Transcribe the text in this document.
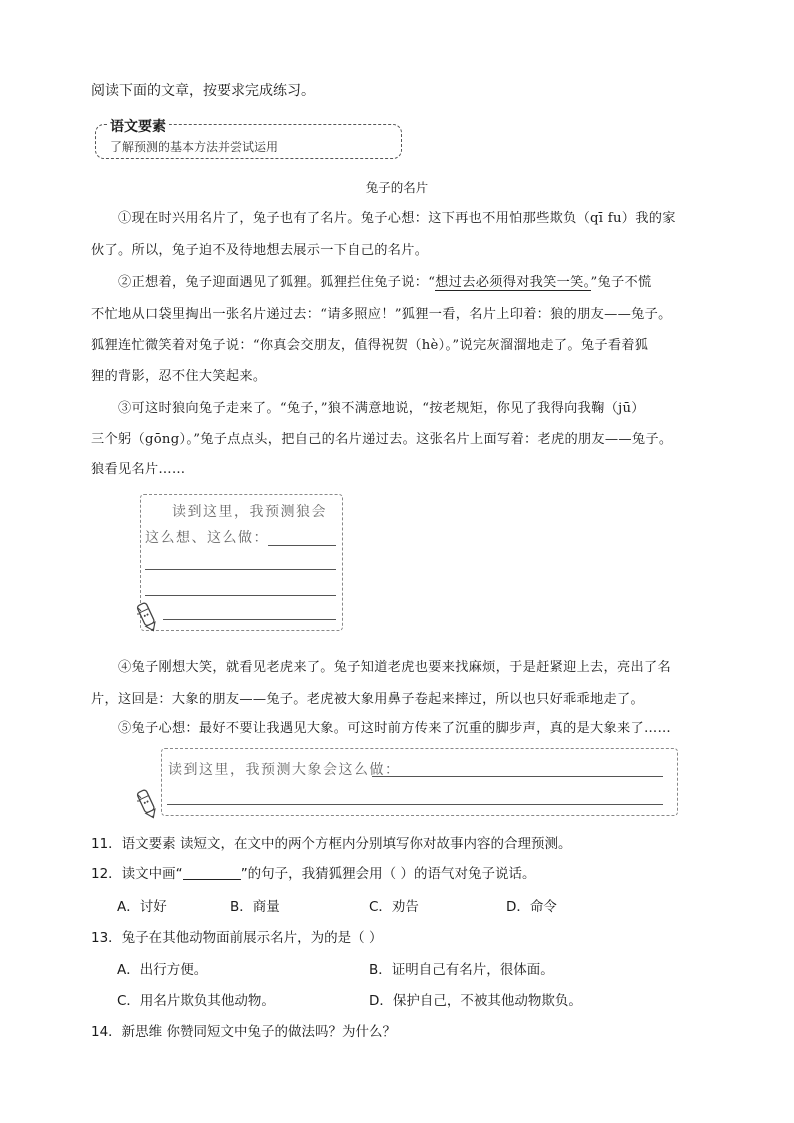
阅读下面的文章，按要求完成练习。
语文要素
了解预测的基本方法并尝试运用
兔子的名片
①现在时兴用名片了，兔子也有了名片。兔子心想：这下再也不用怕那些欺负（qī fu）我的家
伙了。所以，兔子迫不及待地想去展示一下自己的名片。
②正想着，兔子迎面遇见了狐狸。狐狸拦住兔子说：“想过去必须得对我笑一笑。”兔子不慌
不忙地从口袋里掏出一张名片递过去：“请多照应！”狐狸一看，名片上印着：狼的朋友——兔子。
狐狸连忙微笑着对兔子说：“你真会交朋友，值得祝贺（hè）。”说完灰溜溜地走了。兔子看着狐
狸的背影，忍不住大笑起来。
③可这时狼向兔子走来了。“兔子，”狼不满意地说，“按老规矩，你见了我得向我鞠（jū）
三个躬（gōng）。”兔子点点头，把自己的名片递过去。这张名片上面写着：老虎的朋友——兔子。
狼看见名片……
读到这里，我预测狼会
这么想、这么做：
④兔子刚想大笑，就看见老虎来了。兔子知道老虎也要来找麻烦，于是赶紧迎上去，亮出了名
片，这回是：大象的朋友——兔子。老虎被大象用鼻子卷起来摔过，所以也只好乖乖地走了。
⑤兔子心想：最好不要让我遇见大象。可这时前方传来了沉重的脚步声，真的是大象来了……
读到这里，我预测大象会这么做：
11．语文要素 读短文，在文中的两个方框内分别填写你对故事内容的合理预测。
12．读文中画“	”的句子，我猜狐狸会用（ ）的语气对兔子说话。
A．讨好	B．商量	C．劝告	D．命令
13．兔子在其他动物面前展示名片，为的是（ ）
A．出行方便。	B．证明自己有名片，很体面。
C．用名片欺负其他动物。	D．保护自己，不被其他动物欺负。
14．新思维 你赞同短文中兔子的做法吗？为什么？
